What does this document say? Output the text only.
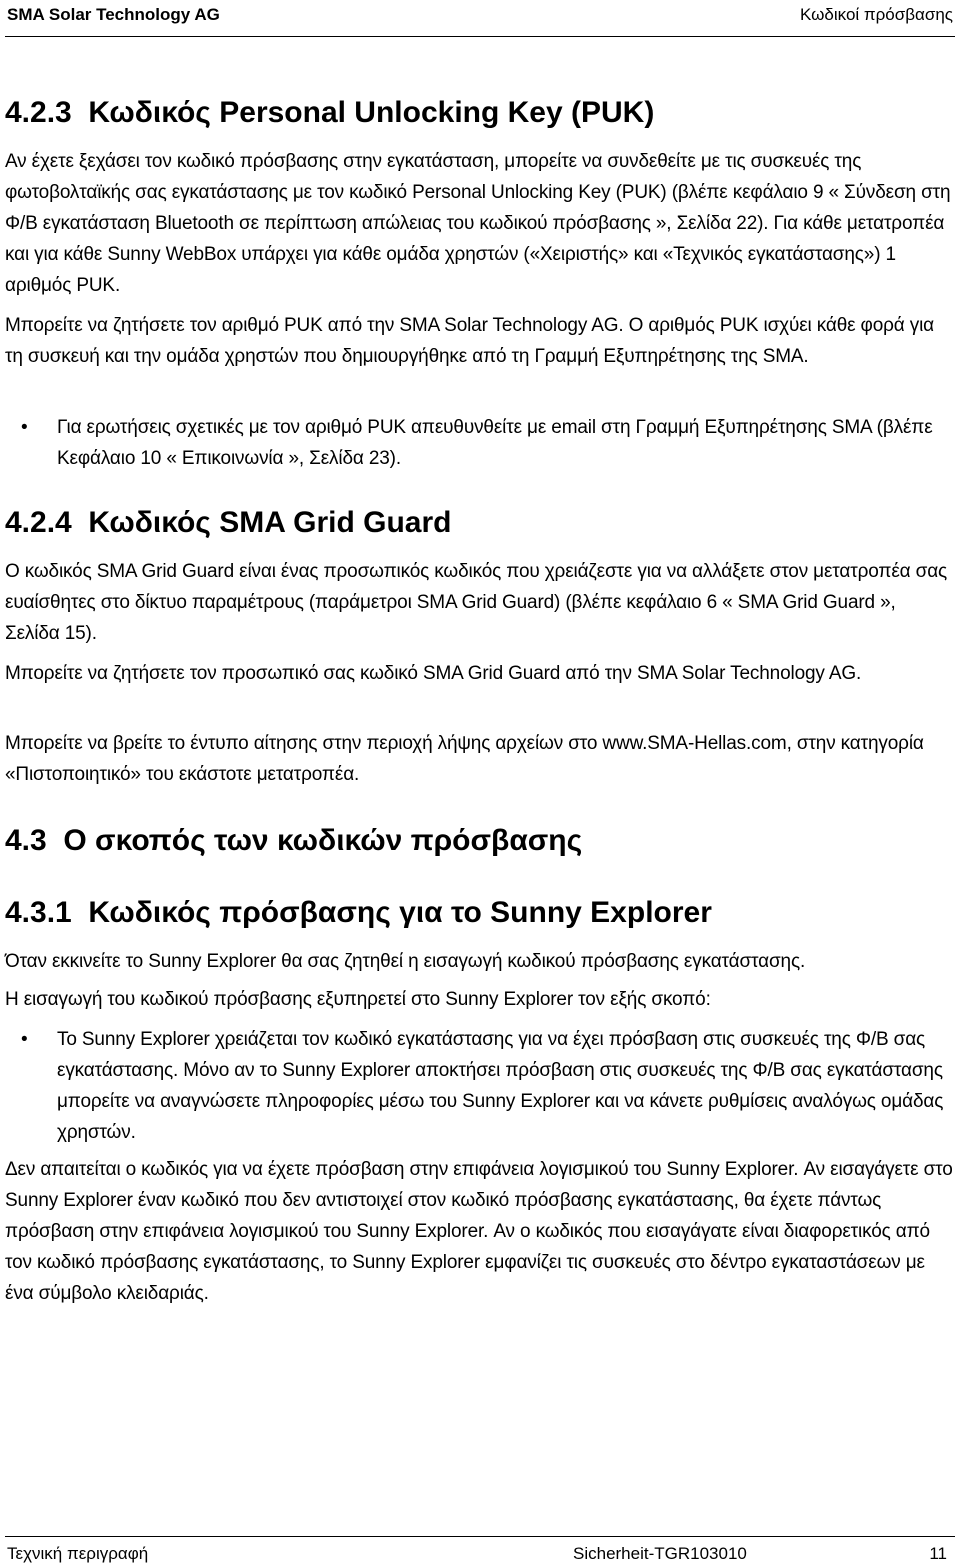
SMA Solar Technology AG	Κωδικοί πρόσβασης
4.2.3 Κωδικός Personal Unlocking Key (PUK)

Αν έχετε ξεχάσει τον κωδικό πρόσβασης στην εγκατάσταση, μπορείτε να συνδεθείτε με τις συσκευές της φωτοβολταϊκής σας εγκατάστασης με τον κωδικό Personal Unlocking Key (PUK) (βλέπε κεφάλαιο 9 « Σύνδεση στη Φ/Β εγκατάσταση Bluetooth σε περίπτωση απώλειας του κωδικού πρόσβασης », Σελίδα 22). Για κάθε μετατροπέα και για κάθε Sunny WebBox υπάρχει για κάθε ομάδα χρηστών («Χειριστής» και «Τεχνικός εγκατάστασης») 1 αριθμός PUK.

Μπορείτε να ζητήσετε τον αριθμό PUK από την SMA Solar Technology AG. Ο αριθμός PUK ισχύει κάθε φορά για τη συσκευή και την ομάδα χρηστών που δημιουργήθηκε από τη Γραμμή Εξυπηρέτησης της SMA.

• Για ερωτήσεις σχετικές με τον αριθμό PUK απευθυνθείτε με email στη Γραμμή Εξυπηρέτησης SMA (βλέπε Κεφάλαιο 10 « Επικοινωνία », Σελίδα 23).

4.2.4 Κωδικός SMA Grid Guard

Ο κωδικός SMA Grid Guard είναι ένας προσωπικός κωδικός που χρειάζεστε για να αλλάξετε στον μετατροπέα σας ευαίσθητες στο δίκτυο παραμέτρους (παράμετροι SMA Grid Guard) (βλέπε κεφάλαιο 6 « SMA Grid Guard », Σελίδα 15).

Μπορείτε να ζητήσετε τον προσωπικό σας κωδικό SMA Grid Guard από την SMA Solar Technology AG.

Μπορείτε να βρείτε το έντυπο αίτησης στην περιοχή λήψης αρχείων στο www.SMA-Hellas.com, στην κατηγορία «Πιστοποιητικό» του εκάστοτε μετατροπέα.

4.3 Ο σκοπός των κωδικών πρόσβασης
4.3.1 Κωδικός πρόσβασης για το Sunny Explorer

Όταν εκκινείτε το Sunny Explorer θα σας ζητηθεί η εισαγωγή κωδικού πρόσβασης εγκατάστασης.

Η εισαγωγή του κωδικού πρόσβασης εξυπηρετεί στο Sunny Explorer τον εξής σκοπό:

• Το Sunny Explorer χρειάζεται τον κωδικό εγκατάστασης για να έχει πρόσβαση στις συσκευές της Φ/Β σας εγκατάστασης. Μόνο αν το Sunny Explorer αποκτήσει πρόσβαση στις συσκευές της Φ/Β σας εγκατάστασης μπορείτε να αναγνώσετε πληροφορίες μέσω του Sunny Explorer και να κάνετε ρυθμίσεις αναλόγως ομάδας χρηστών.

Δεν απαιτείται ο κωδικός για να έχετε πρόσβαση στην επιφάνεια λογισμικού του Sunny Explorer. Αν εισαγάγετε στο Sunny Explorer έναν κωδικό που δεν αντιστοιχεί στον κωδικό πρόσβασης εγκατάστασης, θα έχετε πάντως πρόσβαση στην επιφάνεια λογισμικού του Sunny Explorer. Αν ο κωδικός που εισαγάγατε είναι διαφορετικός από τον κωδικό πρόσβασης εγκατάστασης, το Sunny Explorer εμφανίζει τις συσκευές στο δέντρο εγκαταστάσεων με ένα σύμβολο κλειδαριάς.

Τεχνική περιγραφή	Sicherheit-TGR103010	11
